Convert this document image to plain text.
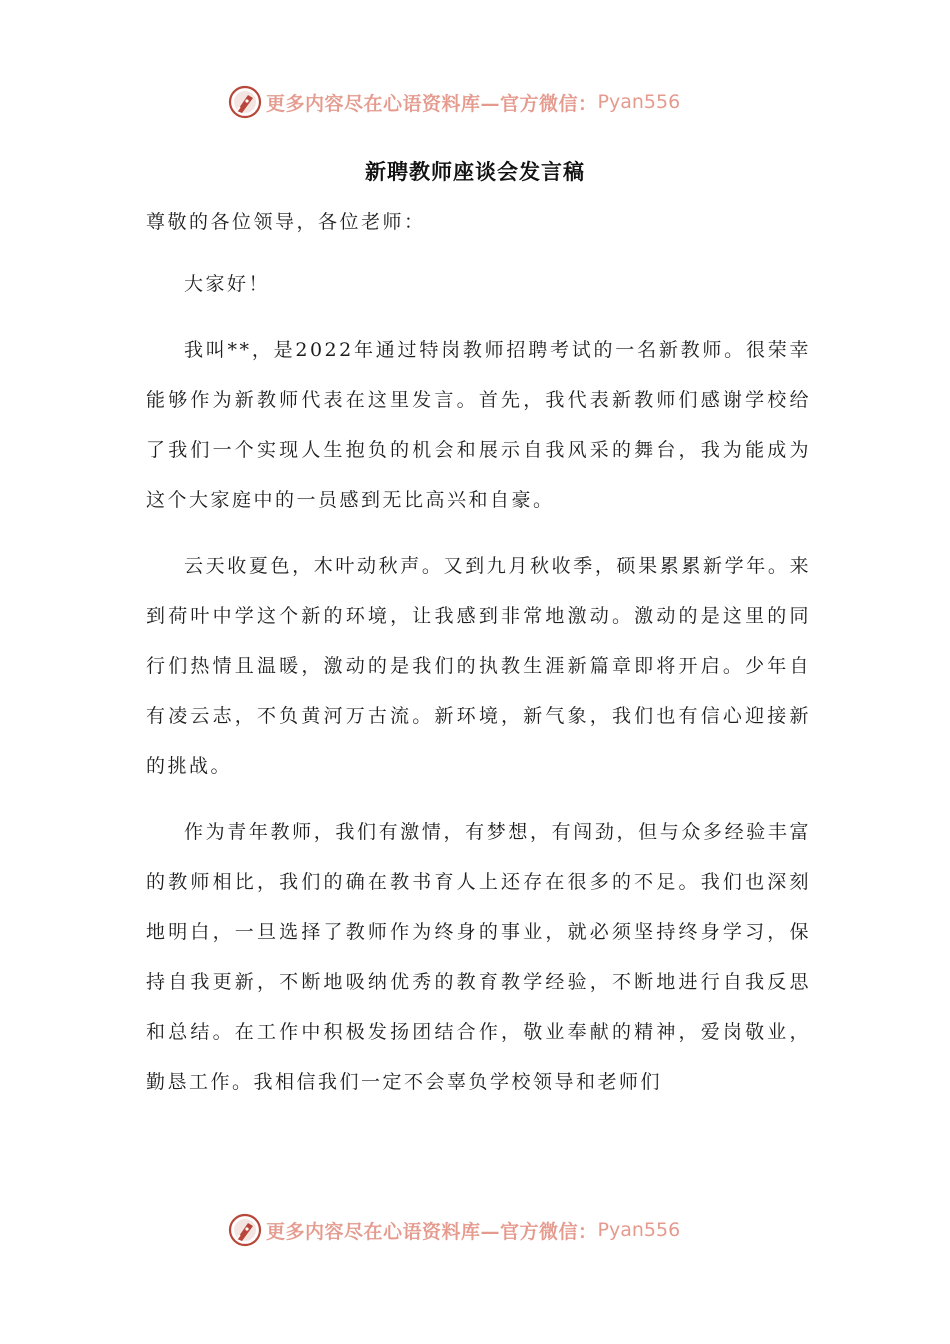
更多内容尽在心语资料库—官方微信： Pyan556
新聘教师座谈会发言稿

尊敬的各位领导，各位老师：

大家好！

我叫**，是2022年通过特岗教师招聘考试的一名新教师。很荣幸能够作为新教师代表在这里发言。首先，我代表新教师们感谢学校给了我们一个实现人生抱负的机会和展示自我风采的舞台，我为能成为这个大家庭中的一员感到无比高兴和自豪。

云天收夏色，木叶动秋声。又到九月秋收季，硕果累累新学年。来到荷叶中学这个新的环境，让我感到非常地激动。激动的是这里的同行们热情且温暖，激动的是我们的执教生涯新篇章即将开启。少年自有凌云志，不负黄河万古流。新环境，新气象，我们也有信心迎接新的挑战。

作为青年教师，我们有激情，有梦想，有闯劲，但与众多经验丰富的教师相比，我们的确在教书育人上还存在很多的不足。我们也深刻地明白，一旦选择了教师作为终身的事业，就必须坚持终身学习，保持自我更新，不断地吸纳优秀的教育教学经验，不断地进行自我反思和总结。在工作中积极发扬团结合作，敬业奉献的精神，爱岗敬业，勤恳工作。我相信我们一定不会辜负学校领导和老师们

更多内容尽在心语资料库—官方微信： Pyan556
